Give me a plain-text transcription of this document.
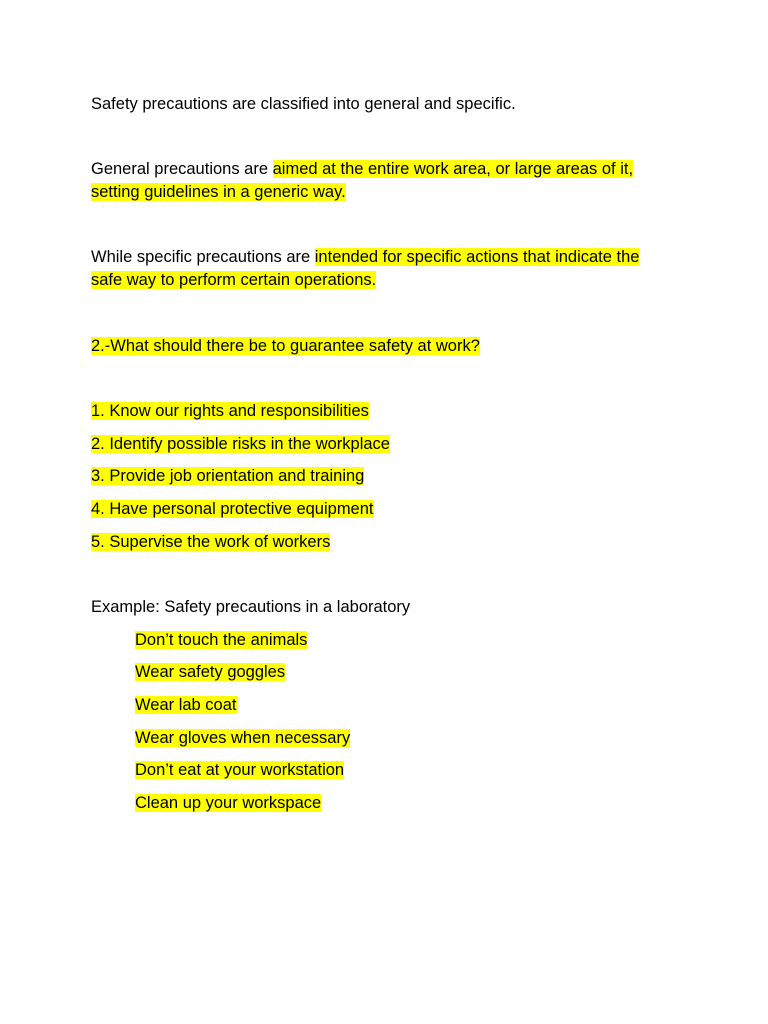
Safety precautions are classified into general and specific.
General precautions are aimed at the entire work area, or large areas of it,
setting guidelines in a generic way.
While specific precautions are intended for specific actions that indicate the
safe way to perform certain operations.
2.-What should there be to guarantee safety at work?
1. Know our rights and responsibilities
2. Identify possible risks in the workplace
3. Provide job orientation and training
4. Have personal protective equipment
5. Supervise the work of workers
Example: Safety precautions in a laboratory
Don’t touch the animals
Wear safety goggles
Wear lab coat
Wear gloves when necessary
Don’t eat at your workstation
Clean up your workspace
